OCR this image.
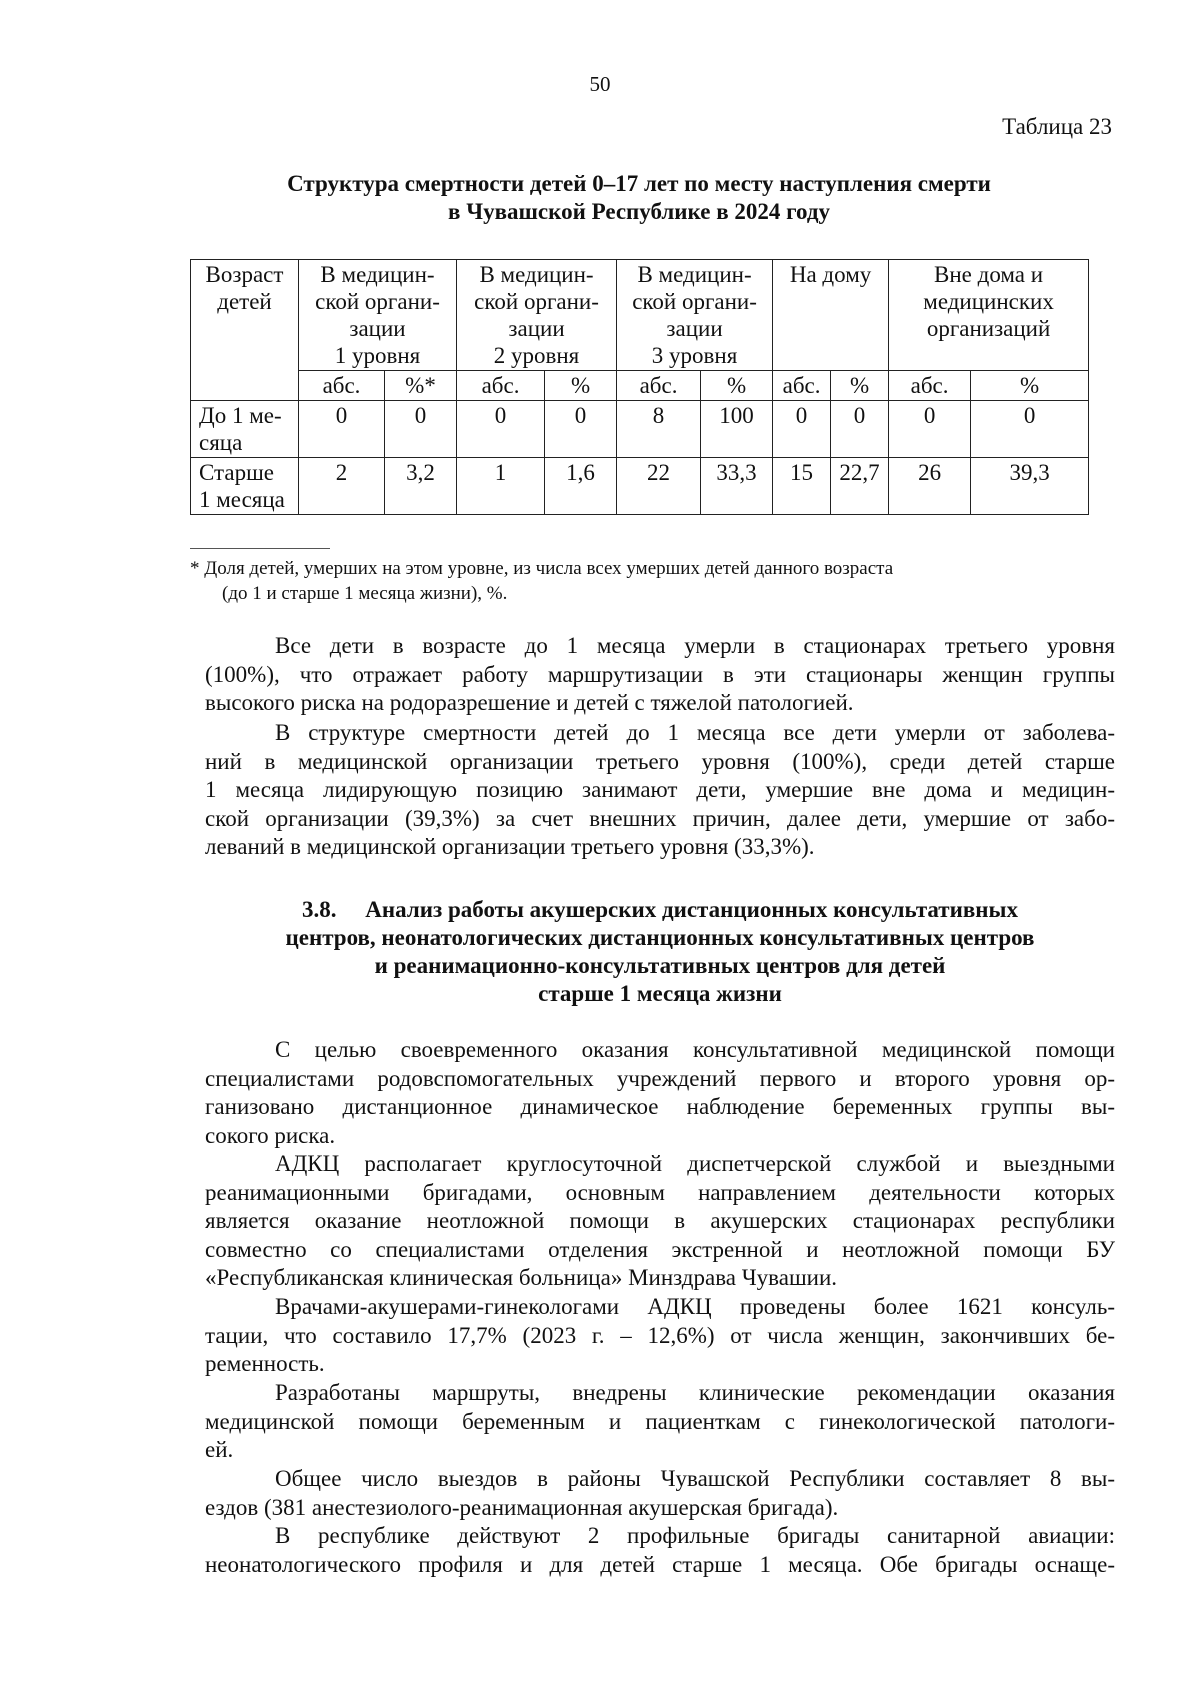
50
Таблица 23
Структура смертности детей 0–17 лет по месту наступления смерти
в Чувашской Республике в 2024 году
Возраст
детей	В медицин-
ской органи-
зации
1 уровня		В медицин-
ской органи-
зации
2 уровня		В медицин-
ской органи-
зации
3 уровня		На дому		Вне дома и
медицинских
организаций	

	абс.	%*	абс.	%	абс.	%	абс.	%	абс.	%

До 1 ме-
сяца	0	0	0	0	8	100	0	0	0	0

Старше
1 месяца	2	3,2	1	1,6	22	33,3	15	22,7	26	39,3
* Доля детей, умерших на этом уровне, из числа всех умерших детей данного возраста
(до 1 и старше 1 месяца жизни), %.
Все дети в возрасте до 1 месяца умерли в стационарах третьего уровня
(100%), что отражает работу маршрутизации в эти стационары женщин группы
высокого риска на родоразрешение и детей с тяжелой патологией.
В структуре смертности детей до 1 месяца все дети умерли от заболева-
ний в медицинской организации третьего уровня (100%), среди детей старше
1 месяца лидирующую позицию занимают дети, умершие вне дома и медицин-
ской организации (39,3%) за счет внешних причин, далее дети, умершие от забо-
леваний в медицинской организации третьего уровня (33,3%).
3.8. Анализ работы акушерских дистанционных консультативных
центров, неонатологических дистанционных консультативных центров
и реанимационно-консультативных центров для детей
старше 1 месяца жизни
С целью своевременного оказания консультативной медицинской помощи
специалистами родовспомогательных учреждений первого и второго уровня ор-
ганизовано дистанционное динамическое наблюдение беременных группы вы-
сокого риска.
АДКЦ располагает круглосуточной диспетчерской службой и выездными
реанимационными бригадами, основным направлением деятельности которых
является оказание неотложной помощи в акушерских стационарах республики
совместно со специалистами отделения экстренной и неотложной помощи БУ
«Республиканская клиническая больница» Минздрава Чувашии.
Врачами-акушерами-гинекологами АДКЦ проведены более 1621 консуль-
тации, что составило 17,7% (2023 г. – 12,6%) от числа женщин, закончивших бе-
ременность.
Разработаны маршруты, внедрены клинические рекомендации оказания
медицинской помощи беременным и пациенткам с гинекологической патологи-
ей.
Общее число выездов в районы Чувашской Республики составляет 8 вы-
ездов (381 анестезиолого-реанимационная акушерская бригада).
В республике действуют 2 профильные бригады санитарной авиации:
неонатологического профиля и для детей старше 1 месяца. Обе бригады оснаще-
